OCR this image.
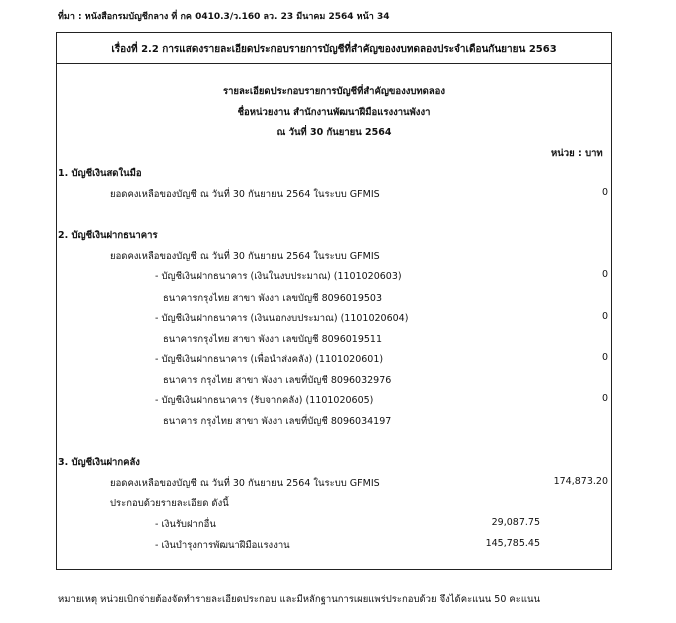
ที่มา : หนังสือกรมบัญชีกลาง ที่ กค 0410.3/ว.160 ลว. 23 มีนาคม 2564 หน้า 34
เรื่องที่ 2.2 การแสดงรายละเอียดประกอบรายการบัญชีที่สำคัญของงบทดลองประจำเดือนกันยายน 2563
รายละเอียดประกอบรายการบัญชีที่สำคัญของงบทดลอง
ชื่อหน่วยงาน สำนักงานพัฒนาฝีมือแรงงานพังงา
ณ วันที่ 30 กันยายน 2564
หน่วย : บาท
1. บัญชีเงินสดในมือ
ยอดคงเหลือของบัญชี ณ วันที่ 30 กันยายน 2564 ในระบบ GFMIS	0
2. บัญชีเงินฝากธนาคาร
ยอดคงเหลือของบัญชี ณ วันที่ 30 กันยายน 2564 ในระบบ GFMIS
- บัญชีเงินฝากธนาคาร (เงินในงบประมาณ) (1101020603)	0
ธนาคารกรุงไทย สาขา พังงา เลขบัญชี 8096019503
- บัญชีเงินฝากธนาคาร (เงินนอกงบประมาณ) (1101020604)	0
ธนาคารกรุงไทย สาขา พังงา เลขบัญชี 8096019511
- บัญชีเงินฝากธนาคาร (เพื่อนำส่งคลัง) (1101020601)	0
ธนาคาร กรุงไทย สาขา พังงา เลขที่บัญชี 8096032976
- บัญชีเงินฝากธนาคาร (รับจากคลัง) (1101020605)	0
ธนาคาร กรุงไทย สาขา พังงา เลขที่บัญชี 8096034197
3. บัญชีเงินฝากคลัง
ยอดคงเหลือของบัญชี ณ วันที่ 30 กันยายน 2564 ในระบบ GFMIS	174,873.20
ประกอบด้วยรายละเอียด ดังนี้
- เงินรับฝากอื่น	29,087.75
- เงินบำรุงการพัฒนาฝีมือแรงงาน	145,785.45
หมายเหตุ หน่วยเบิกจ่ายต้องจัดทำรายละเอียดประกอบ และมีหลักฐานการเผยแพร่ประกอบด้วย จึงได้คะแนน 50 คะแนน
